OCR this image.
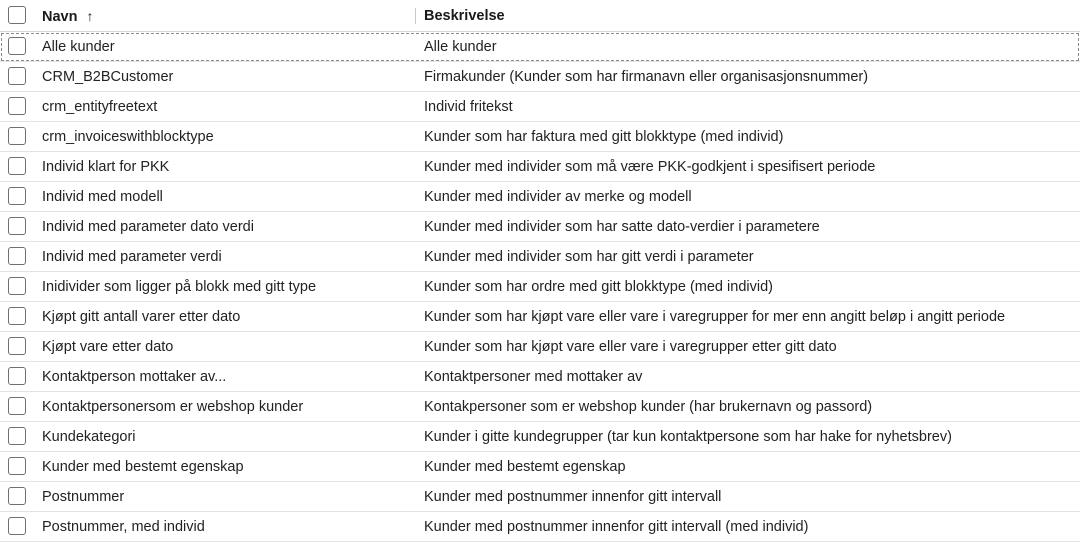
Navn ↑	Beskrivelse
Alle kunder	Alle kunder
CRM_B2BCustomer	Firmakunder (Kunder som har firmanavn eller organisasjonsnummer)
crm_entityfreetext	Individ fritekst
crm_invoiceswithblocktype	Kunder som har faktura med gitt blokktype (med individ)
Individ klart for PKK	Kunder med individer som må være PKK-godkjent i spesifisert periode
Individ med modell	Kunder med individer av merke og modell
Individ med parameter dato verdi	Kunder med individer som har satte dato-verdier i parametere
Individ med parameter verdi	Kunder med individer som har gitt verdi i parameter
Inidivider som ligger på blokk med gitt type	Kunder som har ordre med gitt blokktype (med individ)
Kjøpt gitt antall varer etter dato	Kunder som har kjøpt vare eller vare i varegrupper for mer enn angitt beløp i angitt periode
Kjøpt vare etter dato	Kunder som har kjøpt vare eller vare i varegrupper etter gitt dato
Kontaktperson mottaker av...	Kontaktpersoner med mottaker av
Kontaktpersonersom er webshop kunder	Kontakpersoner som er webshop kunder (har brukernavn og passord)
Kundekategori	Kunder i gitte kundegrupper (tar kun kontaktpersone som har hake for nyhetsbrev)
Kunder med bestemt egenskap	Kunder med bestemt egenskap
Postnummer	Kunder med postnummer innenfor gitt intervall
Postnummer, med individ	Kunder med postnummer innenfor gitt intervall (med individ)
